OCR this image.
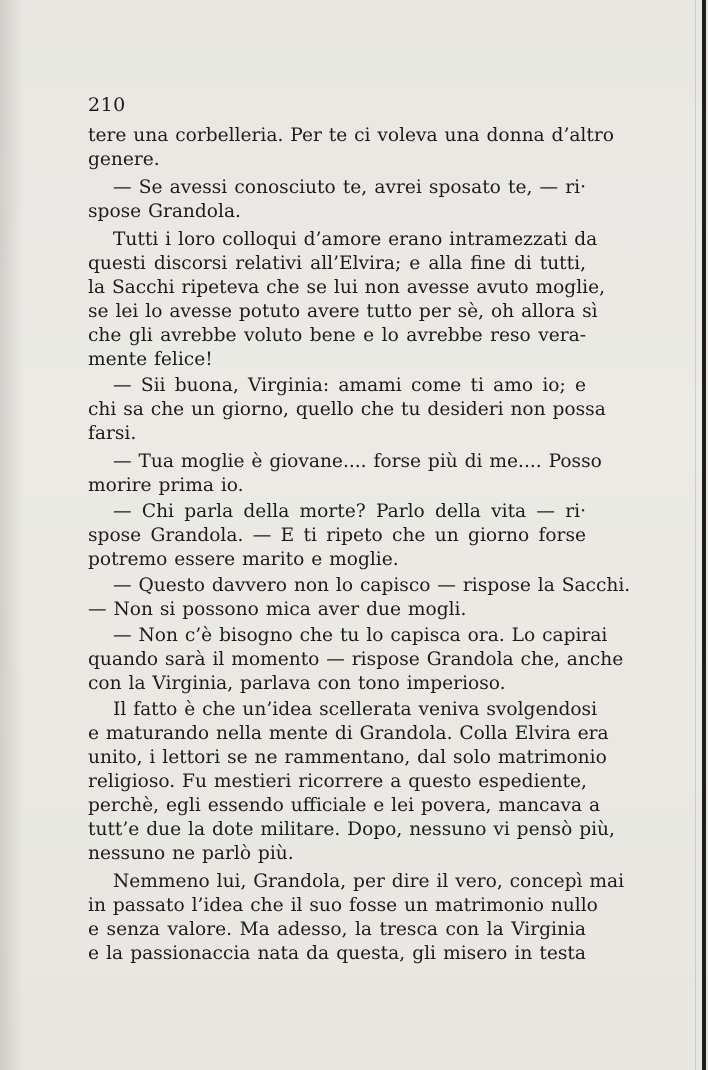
210
tere una corbelleria. Per te ci voleva una donna d’altro
genere.
— Se avessi conosciuto te, avrei sposato te, — ri·
spose Grandola.
Tutti i loro colloqui d’amore erano intramezzati da
questi discorsi relativi all’Elvira; e alla fine di tutti,
la Sacchi ripeteva che se lui non avesse avuto moglie,
se lei lo avesse potuto avere tutto per sè, oh allora sì
che gli avrebbe voluto bene e lo avrebbe reso vera-
mente felice!
— Sii buona, Virginia: amami come ti amo io; e
chi sa che un giorno, quello che tu desideri non possa
farsi.
— Tua moglie è giovane.... forse più di me.... Posso
morire prima io.
— Chi parla della morte? Parlo della vita — ri·
spose Grandola. — E ti ripeto che un giorno forse
potremo essere marito e moglie.
— Questo davvero non lo capisco — rispose la Sacchi.
— Non si possono mica aver due mogli.
— Non c’è bisogno che tu lo capisca ora. Lo capirai
quando sarà il momento — rispose Grandola che, anche
con la Virginia, parlava con tono imperioso.
Il fatto è che un’idea scellerata veniva svolgendosi
e maturando nella mente di Grandola. Colla Elvira era
unito, i lettori se ne rammentano, dal solo matrimonio
religioso. Fu mestieri ricorrere a questo espediente,
perchè, egli essendo ufficiale e lei povera, mancava a
tutt’e due la dote militare. Dopo, nessuno vi pensò più,
nessuno ne parlò più.
Nemmeno lui, Grandola, per dire il vero, concepì mai
in passato l’idea che il suo fosse un matrimonio nullo
e senza valore. Ma adesso, la tresca con la Virginia
e la passionaccia nata da questa, gli misero in testa
